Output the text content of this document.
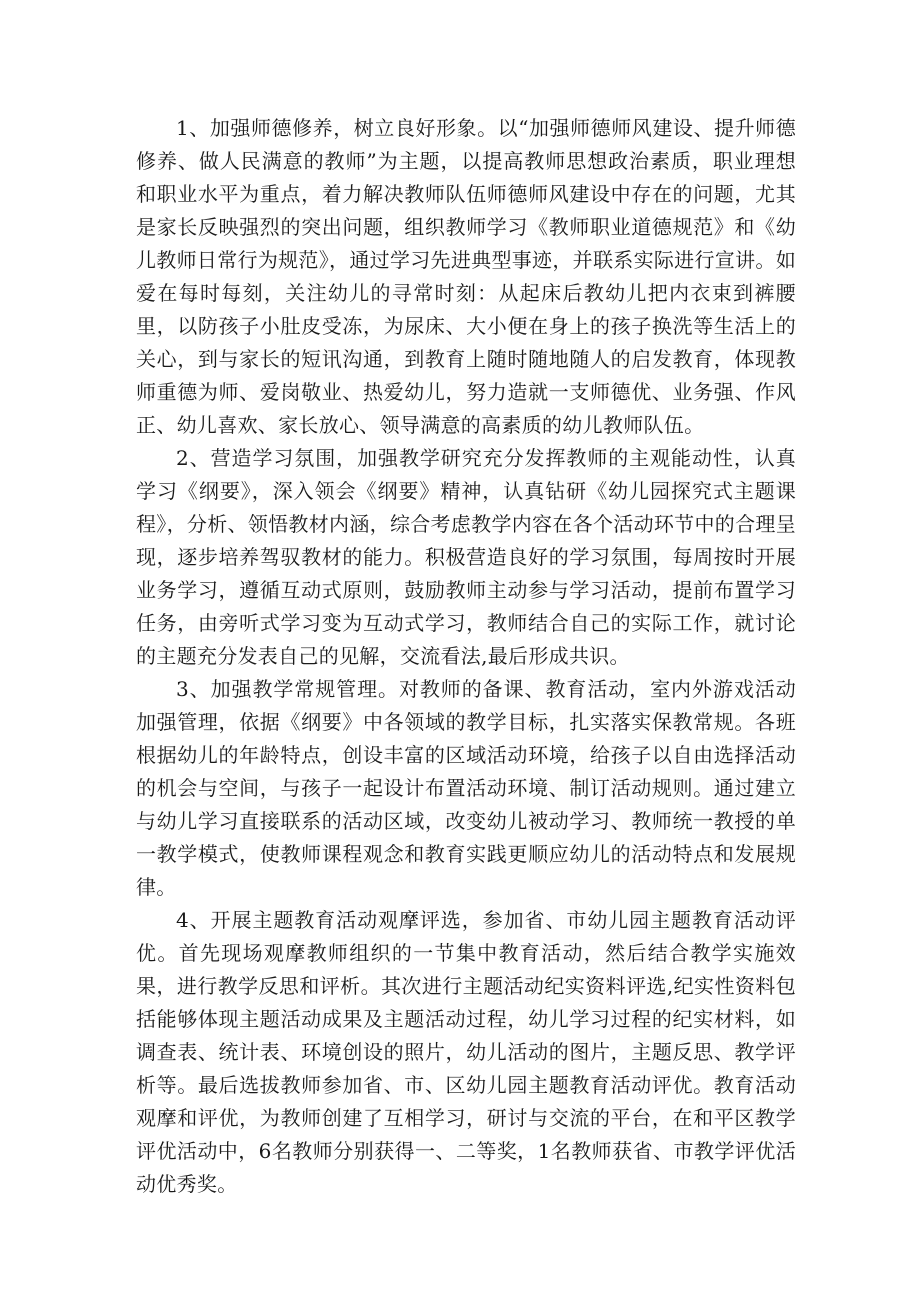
1、加强师德修养，树立良好形象。以“加强师德师风建设、提升师德修养、做人民满意的教师”为主题，以提高教师思想政治素质，职业理想和职业水平为重点，着力解决教师队伍师德师风建设中存在的问题，尤其是家长反映强烈的突出问题，组织教师学习《教师职业道德规范》和《幼儿教师日常行为规范》，通过学习先进典型事迹，并联系实际进行宣讲。如爱在每时每刻，关注幼儿的寻常时刻：从起床后教幼儿把内衣束到裤腰里，以防孩子小肚皮受冻，为尿床、大小便在身上的孩子换洗等生活上的关心，到与家长的短讯沟通，到教育上随时随地随人的启发教育，体现教师重德为师、爱岗敬业、热爱幼儿，努力造就一支师德优、业务强、作风正、幼儿喜欢、家长放心、领导满意的高素质的幼儿教师队伍。

2、营造学习氛围，加强教学研究充分发挥教师的主观能动性，认真学习《纲要》，深入领会《纲要》精神，认真钻研《幼儿园探究式主题课程》，分析、领悟教材内涵，综合考虑教学内容在各个活动环节中的合理呈现，逐步培养驾驭教材的能力。积极营造良好的学习氛围，每周按时开展业务学习，遵循互动式原则，鼓励教师主动参与学习活动，提前布置学习任务，由旁听式学习变为互动式学习，教师结合自己的实际工作，就讨论的主题充分发表自己的见解，交流看法,最后形成共识。

3、加强教学常规管理。对教师的备课、教育活动，室内外游戏活动加强管理，依据《纲要》中各领域的教学目标，扎实落实保教常规。各班根据幼儿的年龄特点，创设丰富的区域活动环境，给孩子以自由选择活动的机会与空间，与孩子一起设计布置活动环境、制订活动规则。通过建立与幼儿学习直接联系的活动区域，改变幼儿被动学习、教师统一教授的单一教学模式，使教师课程观念和教育实践更顺应幼儿的活动特点和发展规律。

4、开展主题教育活动观摩评选，参加省、市幼儿园主题教育活动评优。首先现场观摩教师组织的一节集中教育活动，然后结合教学实施效果，进行教学反思和评析。其次进行主题活动纪实资料评选,纪实性资料包括能够体现主题活动成果及主题活动过程，幼儿学习过程的纪实材料，如调查表、统计表、环境创设的照片，幼儿活动的图片，主题反思、教学评析等。最后选拔教师参加省、市、区幼儿园主题教育活动评优。教育活动观摩和评优，为教师创建了互相学习，研讨与交流的平台，在和平区教学评优活动中，6名教师分别获得一、二等奖，1名教师获省、市教学评优活动优秀奖。
